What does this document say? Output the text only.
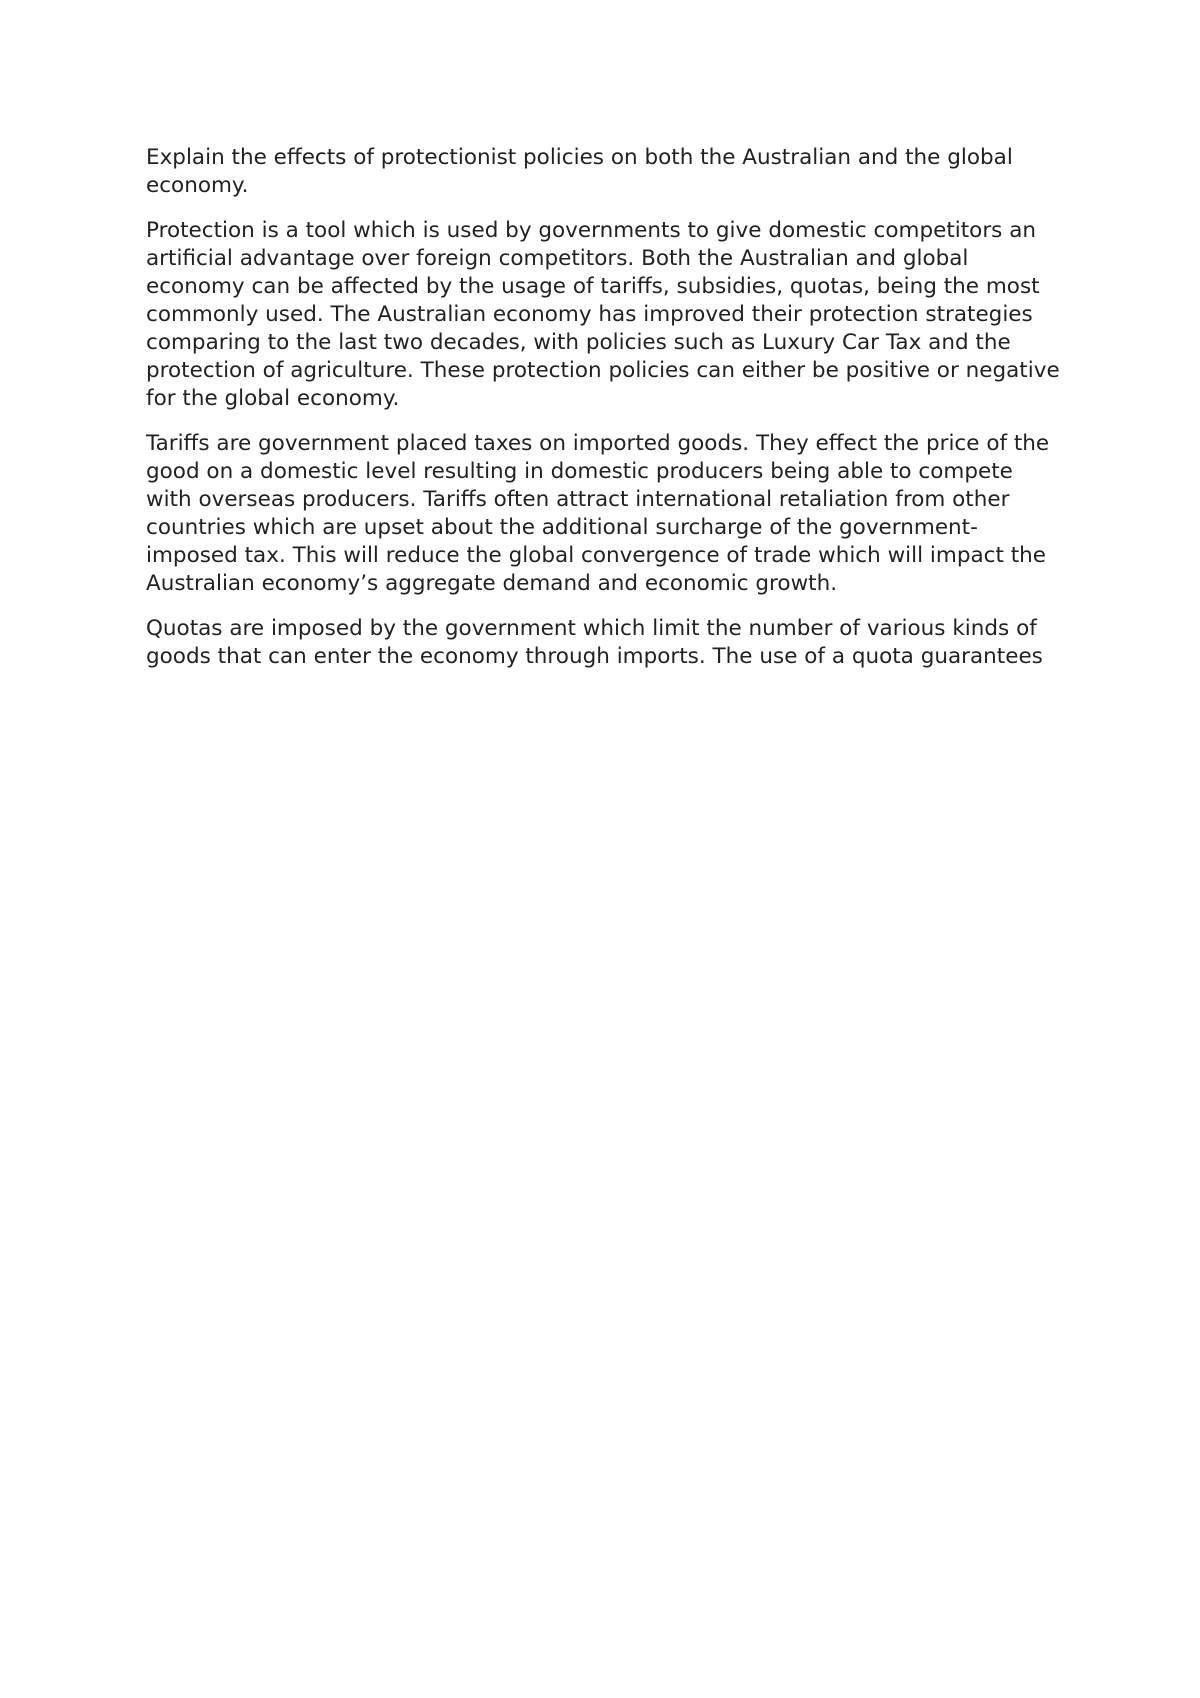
Explain the effects of protectionist policies on both the Australian and the global economy.

Protection is a tool which is used by governments to give domestic competitors an artificial advantage over foreign competitors. Both the Australian and global economy can be affected by the usage of tariffs, subsidies, quotas, being the most commonly used. The Australian economy has improved their protection strategies comparing to the last two decades, with policies such as Luxury Car Tax and the protection of agriculture. These protection policies can either be positive or negative for the global economy.

Tariffs are government placed taxes on imported goods. They effect the price of the good on a domestic level resulting in domestic producers being able to compete with overseas producers. Tariffs often attract international retaliation from other countries which are upset about the additional surcharge of the government-imposed tax. This will reduce the global convergence of trade which will impact the Australian economy’s aggregate demand and economic growth.

Quotas are imposed by the government which limit the number of various kinds of goods that can enter the economy through imports. The use of a quota guarantees
